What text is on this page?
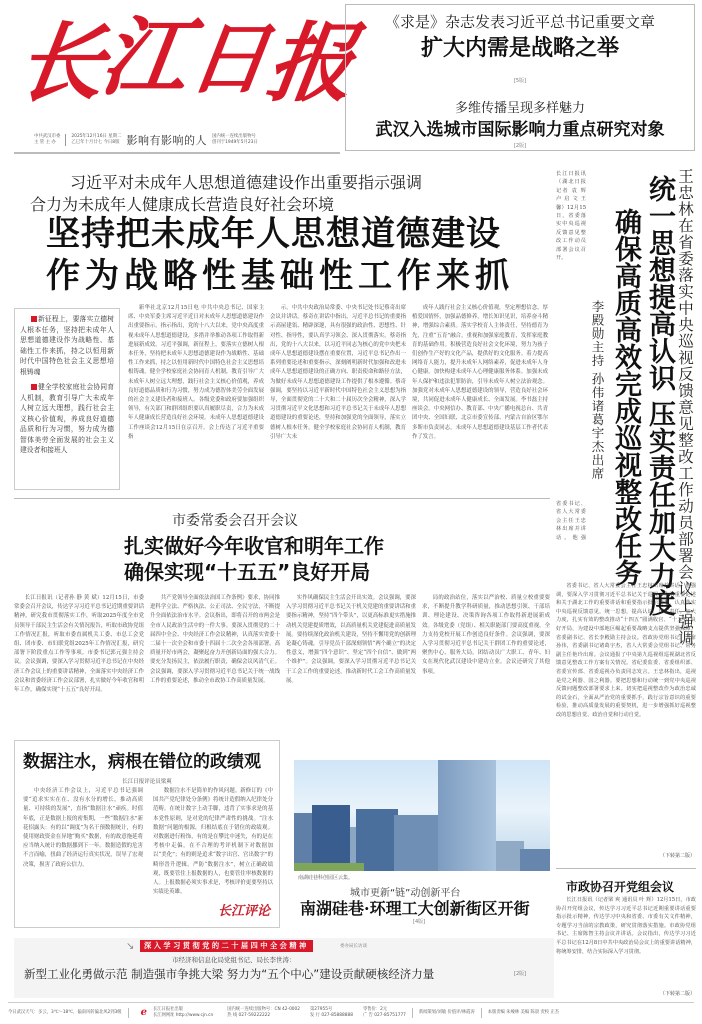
长
江
日
报
中共武汉市委
主 管 主 办
2025年12月16日 星期二
乙巳年十月廿七 今日8版 影响有影响的人 国内统一连续出版物号
创刊于1949年5月23日
《求是》杂志发表习近平总书记重要文章
扩大内需是战略之举
[5版]
多维传播呈现多样魅力
武汉入选城市国际影响力重点研究对象
[2版]
习近平对未成年人思想道德建设作出重要指示强调
合力为未成年人健康成长营造良好社会环境
坚持把未成年人思想道德建设
作为战略性基础性工作来抓

新征程上，要落实立德树人根本任务，坚持把未成年人思想道德建设作为战略性、基础性工作来抓，持之以恒用新时代中国特色社会主义思想培根铸魂

健全学校家庭社会协同育人机制，教育引导广大未成年人树立远大理想，践行社会主义核心价值观，养成良好道德品质和行为习惯，努力成为德智体美劳全面发展的社会主义建设者和接班人

新华社北京12月15日电 中共中央总书记、国家主席、中央军委主席习近平近日对未成年人思想道德建设作出重要指示。指示指出，党的十八大以来，党中央高度重视未成年人思想道德建设，多措并举推动各项工作取得新进展新成效。习近平强调，新征程上，要落实立德树人根本任务，坚持把未成年人思想道德建设作为战略性、基础性工作来抓，持之以恒用新时代中国特色社会主义思想培根铸魂。健全学校家庭社会协同育人机制，教育引导广大未成年人树立远大理想，践行社会主义核心价值观，养成良好道德品质和行为习惯，努力成为德智体美劳全面发展的社会主义建设者和接班人。各级党委和政府要加强组织领导，有关部门和群团组织要认真履职尽责，合力为未成年人健康成长营造良好社会环境。未成年人思想道德建设工作座谈会12月15日在京召开。会上传达了习近平重要指
示。中共中央政治局常委、中央书记处书记蔡奇出席会议并讲话。蔡奇在讲话中指出，习近平总书记的重要指示高屋建瓴、精辟深邃，具有很强的政治性、思想性、针对性、指导性，要认真学习领会、深入贯彻落实。蔡奇指出，党的十八大以来，以习近平同志为核心的党中央把未成年人思想道德建设摆在重要位置，习近平总书记作出一系列重要论述和重要指示，深刻阐明新时代加强和改进未成年人思想道德建设的正确方向、职责使命和路径方法，为做好未成年人思想道德建设工作提供了根本遵循。蔡奇强调，要坚持以习近平新时代中国特色社会主义思想为指导，全面贯彻党的二十大和二十届历次全会精神，深入学习贯彻习近平文化思想和习近平总书记关于未成年人思想道德建设的重要论述，坚持和加强党的全面领导，落实立德树人根本任务，健全学校家庭社会协同育人机制，教育引导广大未
成年人践行社会主义核心价值观，坚定理想信念，厚植爱国情怀，加强品德修养，增长知识见识，培养奋斗精神，增强综合素质。落实学校育人主体责任，坚持德育为先，注重“五育”融合。重视和加强家庭教育，发挥家庭教育的基础作用。积极营造良好社会文化环境，努力为孩子们创作生产好的文化产品，提供好的文化服务。着力提高网络育人能力，提升未成年人网络素养，促进未成年人身心健康。加快构建未成年人心理健康服务体系。加强未成年人保护和违法犯罪防治，引导未成年人树立法治观念。加强党对未成年人思想道德建设的领导，营造良好社会环境，共同促进未成年人健康成长、全面发展。李书磊主持座谈会。中央网信办、教育部、中央广播电视总台、共青团中央、全国妇联、北京市委宣传部、内蒙古自治区鄂尔多斯市负责同志，未成年人思想道德建设基层工作者代表作了发言。	王忠林在省委落实中央巡视反馈意见整改工作动员部署会议上强调
统一思想提高认识 压实责任加大力度
确保高质高效完成巡视整改任务
李殿勋主持 孙伟诸葛宇杰出席
长江日报讯（湖北日报记者 袁 辉 卢 启 文 王 馨）12月15日，省委落实中央巡视反馈意见整改工作动员部署会议召开。
省委书记、省人大常委会主任王忠林出席并讲话。他强
省委书记、省人大常委会主任王忠林出席并讲话。他强调，要深入学习贯彻习近平总书记关于巡视工作的重要论述和关于湖北工作的重要讲话和重要指示批示精神，认真落实中央巡视反馈意见，统一思想，提高认识，压实责任，加大力度，扎实有效的整改推动“十四五”圆满收官、“十五五”良好开局，为建设中部地区崛起重要战略支点提供坚强保障。省委副书记、省长李殿勋主持会议。省政协党组书记、主席孙伟，省委副书记诸葛宇杰，省人大常委会党组书记、常务副主任艳玲出席。会议通报了中央第九巡视组巡视湖北省反馈意见整改工作方案有关情况。省纪委监委、省委组织部、省委宣传部、省委巡视办负责同志发言。王忠林指出，巡视是党之利器、国之利器。要把思想和行动统一到党中央巡视反馈问题整改部署要求上来。切实把巡视整改作为政治忠诚的试金石，全面从严治党的重要抓手，践行宗旨意识的重要检验，推动高质量发展的重要契机，进一步增强抓好巡视整改的思想自觉、政治自觉和行动自觉。
（下转第二版）
市委常委会召开会议
扎实做好今年收官和明年工作
确保实现“十五五”良好开局
长江日报讯（记者孙 静 黄 斌）12月15日，市委常委会召开会议，传达学习习近平总书记近期重要讲话精神，研究我市贯彻落实工作，听取2025年度全市党员领导干部民主生活会有关情况报告，听取市政协党组工作情况汇报，听取市委直属机关工委、市总工会党组、团市委、市妇联党组2025年工作情况汇报，研究部署下阶段重点工作等事项。市委书记郭元强主持会议。会议强调，要深入学习贯彻习近平总书记在中央经济工作会议上的重要讲话精神，全面落实中央经济工作会议和省委经济工作会议部署，扎实做好今年收官和明年工作，确保实现“十五五”良好开局。
共产党领导全面依法治国工作条例》要求，协同推进科学立法、严格执法、公正司法、全民守法，不断提升全面依法治市水平。会议指出，即将召开的市两会是全市人民政治生活中的一件大事。要深入贯彻党的二十届四中全会、中央经济工作会议精神，认真落实省委十二届十一次全会和市委十四届十二次全会各项部署，高质量开好市两会，凝聚起奋力开创新局面的强大合力。要充分发扬民主，依法履行职责，确保会议风清气正。会议强调，要深入学习贯彻习近平总书记关于统一战线工作的重要论述，推动全市政协工作高质量发展。
实作风确保民主生活会开出实效。会议强调，要深入学习贯彻习近平总书记关于机关党建的重要讲话和重要指示精神，坚持“四个带头”，以更高标准更实措施推动机关党建提质增效，以高质量机关党建促进高质量发展。要持续深化政治机关建设，坚持不懈用党的创新理论凝心铸魂，引导党员干部深刻领悟“两个确立”的决定性意义，增强“四个意识”、坚定“四个自信”、做到“两个维护”。会议强调，要深入学习贯彻习近平总书记关于工会工作的重要论述，推动新时代工会工作高质量发展。
局的政治站位，落实以严治校、质量立校重要要求，不断提升教学科研质量，推动思想引领、干部培训、理论建设、决策咨询各项工作取得新进展新成效。各级党委（党组）、相关职能部门要高度重视，全力支持党校开展工作创造良好条件。会议强调，要深入学习贯彻习近平总书记关于群团工作的重要论述，聚焦中心、服务大局，团结动员广大职工、青年、妇女在现代化武汉建设中建功立业。会议还研究了其他事项。
数据注水，病根在错位的政绩观
长江日报评论员梁爽
中央经济工作会议上，习近平总书记强调要“追求实实在在、没有水分的增长，推动高质量、可持续的发展”，直指“数据注水”顽疾。时值年底，正是数据上报的密集期，一些“数据注水”新花招露头：有的以“调度”为名干预数据统计，有的使用财政资金在异地“购买”数据，有的故意拖延将应当纳入统计的数据挪到下一年。数据造假的危害不言而喻，扭曲了经济运行真实状况，误导了宏观决策，损害了政府公信力。
数据注水不是简单的作风问题。新修订的《中国共产党纪律处分条例》将统计造假纳入纪律处分范畴。在统计数字上动手脚，违背了实事求是的基本党性原则，是对党的纪律严肃性的挑战。“注水数据”问题的根源，归根结底在于错位的政绩观。对数据进行粉饰，有的是在攀比中迷失，有的是在考核中走偏，在不合理的考评机制下对数据加以“美化”；有的则是追求“数字出官、官出数字”的畸形晋升逻辑。严防“数据注水”，树立正确政绩观，既要管住上报数据的人，也要管住审核数据的人。上报数据必须实事求是，考核评价更要坚持以实绩论英雄。
长江评论
南湖硅巷科创园区云集。
城市更新“链”动创新平台
南湖硅巷·环理工大创新街区开街
[4版]
市政协召开党组会议
长江日报讯（记者梁 爽 通讯员 叶 辉）12月15日，市政协召开党组会议，传达学习习近平总书记近期重要讲话重要指示批示精神，传达学习中央和省委、市委有关文件精神，专题学习当前的宗教政策，研究贯彻落实措施。市政协党组书记、主席陈智主持会议并讲话。会议指出，传达学习习近平总书记在12月8日中共中央政治局会议上的重要讲话精神，将统筹安排，结合实际深入学习贯彻。
（下转第二版）
↘	深入学习贯彻党的二十届四中全会精神	委办局长访谈
市经济和信息化局党组书记、局长李世涛：
新型工业化勇做示范 制造强市争挑大梁 努力为“五个中心”建设贡献硬核经济力量	[2版]
今日武汉天气：多云，3℃～18℃，偏南风转偏北风2到3级 ℯ 长江日报社出版
长江网网址 http://www.cjn.cn
国内统一连续出版物号：CN 42-0002
热 线 027-59222222
第27955号
发 行 027-85888888
零售价：2元
广 告 027-85751777
新闻策划/刘敏 价值评/林霞涛	本版责编 朱峻林 美编 陈晨 责校 正杰
